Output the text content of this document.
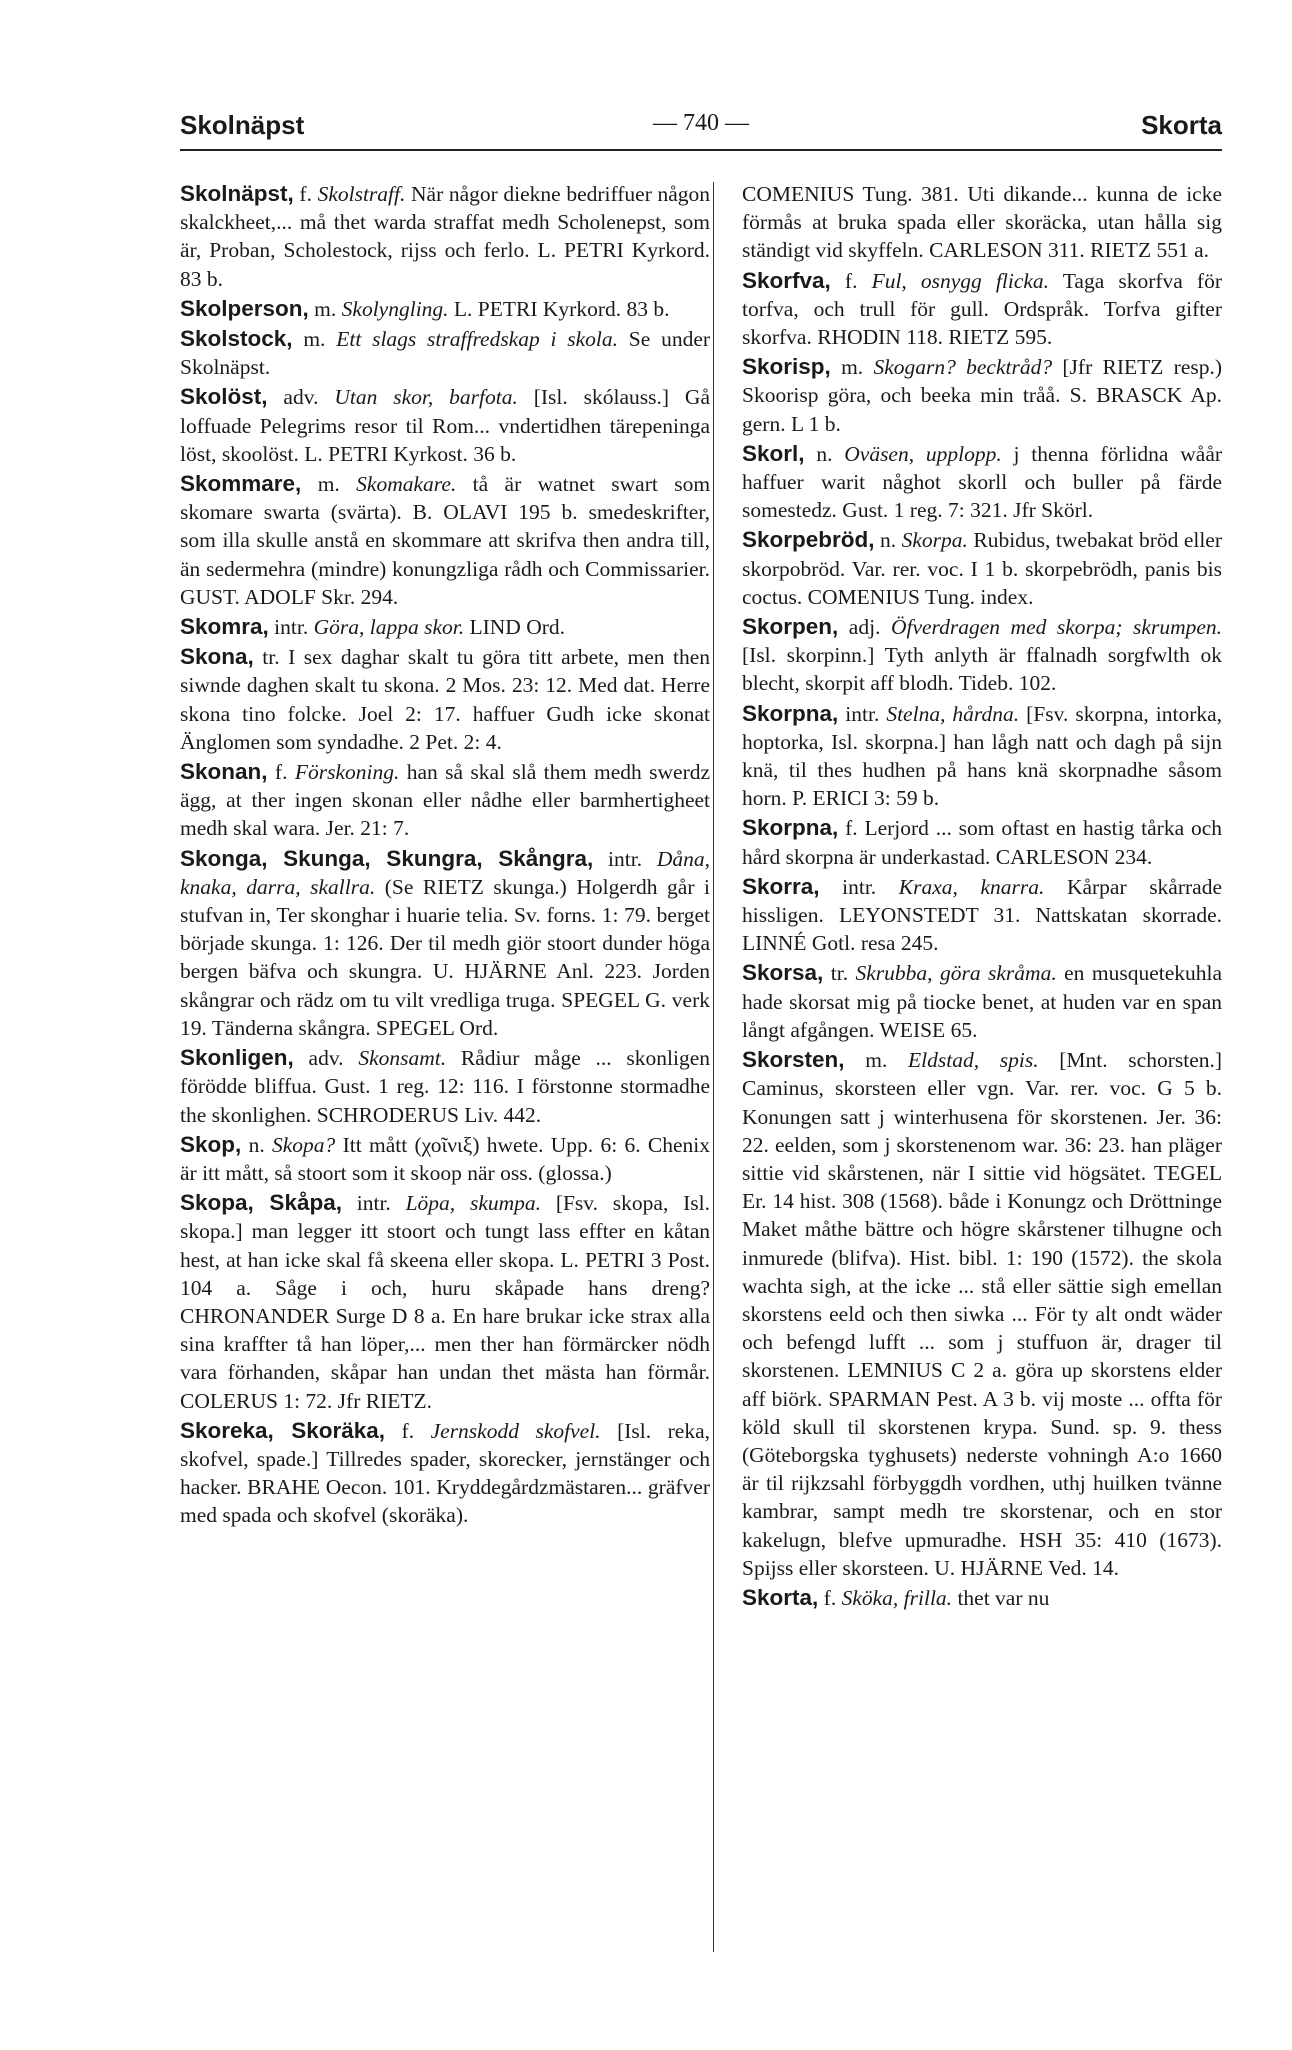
Skolnäpst	— 740 —	Skorta

Skolnäpst, f. Skolstraff. När någor diekne bedriffuer någon skalckheet,... må thet warda straffat medh Scholenepst, som är, Proban, Scholestock, rijss och ferlo. L. PETRI Kyrkord. 83 b.

Skolperson, m. Skolyngling. L. PETRI Kyrkord. 83 b.

Skolstock, m. Ett slags straffredskap i skola. Se under Skolnäpst.

Skolöst, adv. Utan skor, barfota. [Isl. skólauss.] Gå loffuade Pelegrims resor til Rom... vndertidhen tärepeninga löst, skoolöst. L. PETRI Kyrkost. 36 b.

Skommare, m. Skomakare. tå är watnet swart som skomare swarta (svärta). B. OLAVI 195 b. smedeskrifter, som illa skulle anstå en skommare att skrifva then andra till, än sedermehra (mindre) konungzliga rådh och Commissarier. GUST. ADOLF Skr. 294.

Skomra, intr. Göra, lappa skor. LIND Ord.

Skona, tr. I sex daghar skalt tu göra titt arbete, men then siwnde daghen skalt tu skona. 2 Mos. 23: 12. Med dat. Herre skona tino folcke. Joel 2: 17. haffuer Gudh icke skonat Änglomen som syndadhe. 2 Pet. 2: 4.

Skonan, f. Förskoning. han så skal slå them medh swerdz ägg, at ther ingen skonan eller nådhe eller barmhertigheet medh skal wara. Jer. 21: 7.

Skonga, Skunga, Skungra, Skångra, intr. Dåna, knaka, darra, skallra. (Se RIETZ skunga.) Holgerdh går i stufvan in, Ter skonghar i huarie telia. Sv. forns. 1: 79. berget började skunga. 1: 126. Der til medh giör stoort dunder höga bergen bäfva och skungra. U. HJÄRNE Anl. 223. Jorden skångrar och rädz om tu vilt vredliga truga. SPEGEL G. verk 19. Tänderna skångra. SPEGEL Ord.

Skonligen, adv. Skonsamt. Rådiur måge ... skonligen förödde bliffua. Gust. 1 reg. 12: 116. I förstonne stormadhe the skonlighen. SCHRODERUS Liv. 442.

Skop, n. Skopa? Itt mått (χοῖνιξ) hwete. Upp. 6: 6. Chenix är itt mått, så stoort som it skoop när oss. (glossa.)

Skopa, Skåpa, intr. Löpa, skumpa. [Fsv. skopa, Isl. skopa.] man legger itt stoort och tungt lass effter en kåtan hest, at han icke skal få skeena eller skopa. L. PETRI 3 Post. 104 a. Såge i och, huru skåpade hans dreng? CHRONANDER Surge D 8 a. En hare brukar icke strax alla sina kraffter tå han löper,... men ther han förmärcker nödh vara förhanden, skåpar han undan thet mästa han förmår. COLERUS 1: 72. Jfr RIETZ.

Skoreka, Skoräka, f. Jernskodd skofvel. [Isl. reka, skofvel, spade.] Tillredes spader, skorecker, jernstänger och hacker. BRAHE Oecon. 101. Kryddegårdzmästaren... gräfver med spada och skofvel (skoräka).

COMENIUS Tung. 381. Uti dikande... kunna de icke förmås at bruka spada eller skoräcka, utan hålla sig ständigt vid skyffeln. CARLESON 311. RIETZ 551 a.

Skorfva, f. Ful, osnygg flicka. Taga skorfva för torfva, och trull för gull. Ordspråk. Torfva gifter skorfva. RHODIN 118. RIETZ 595.

Skorisp, m. Skogarn? becktråd? [Jfr RIETZ resp.) Skoorisp göra, och beeka min tråå. S. BRASCK Ap. gern. L 1 b.

Skorl, n. Oväsen, upplopp. j thenna förlidna wåår haffuer warit någhot skorll och buller på färde somestedz. Gust. 1 reg. 7: 321. Jfr Skörl.

Skorpebröd, n. Skorpa. Rubidus, twebakat bröd eller skorpobröd. Var. rer. voc. I 1 b. skorpebrödh, panis bis coctus. COMENIUS Tung. index.

Skorpen, adj. Öfverdragen med skorpa; skrumpen. [Isl. skorpinn.] Tyth anlyth är ffalnadh sorgfwlth ok blecht, skorpit aff blodh. Tideb. 102.

Skorpna, intr. Stelna, hårdna. [Fsv. skorpna, intorka, hoptorka, Isl. skorpna.] han lågh natt och dagh på sijn knä, til thes hudhen på hans knä skorpnadhe såsom horn. P. ERICI 3: 59 b.

Skorpna, f. Lerjord ... som oftast en hastig tårka och hård skorpna är underkastad. CARLESON 234.

Skorra, intr. Kraxa, knarra. Kårpar skårrade hissligen. LEYONSTEDT 31. Nattskatan skorrade. LINNÉ Gotl. resa 245.

Skorsa, tr. Skrubba, göra skråma. en musquetekuhla hade skorsat mig på tiocke benet, at huden var en span långt afgången. WEISE 65.

Skorsten, m. Eldstad, spis. [Mnt. schorsten.] Caminus, skorsteen eller vgn. Var. rer. voc. G 5 b. Konungen satt j winterhusena för skorstenen. Jer. 36: 22. eelden, som j skorstenenom war. 36: 23. han pläger sittie vid skårstenen, när I sittie vid högsätet. TEGEL Er. 14 hist. 308 (1568). både i Konungz och Dröttninge Maket måthe bättre och högre skårstener tilhugne och inmurede (blifva). Hist. bibl. 1: 190 (1572). the skola wachta sigh, at the icke ... stå eller sättie sigh emellan skorstens eeld och then siwka ... För ty alt ondt wäder och befengd lufft ... som j stuffuon är, drager til skorstenen. LEMNIUS C 2 a. göra up skorstens elder aff biörk. SPARMAN Pest. A 3 b. vij moste ... offta för köld skull til skorstenen krypa. Sund. sp. 9. thess (Göteborgska tyghusets) nederste vohningh A:o 1660 är til rijkzsahl förbyggdh vordhen, uthj huilken tvänne kambrar, sampt medh tre skorstenar, och en stor kakelugn, blefve upmuradhe. HSH 35: 410 (1673). Spijss eller skorsteen. U. HJÄRNE Ved. 14.

Skorta, f. Sköka, frilla. thet var nu
